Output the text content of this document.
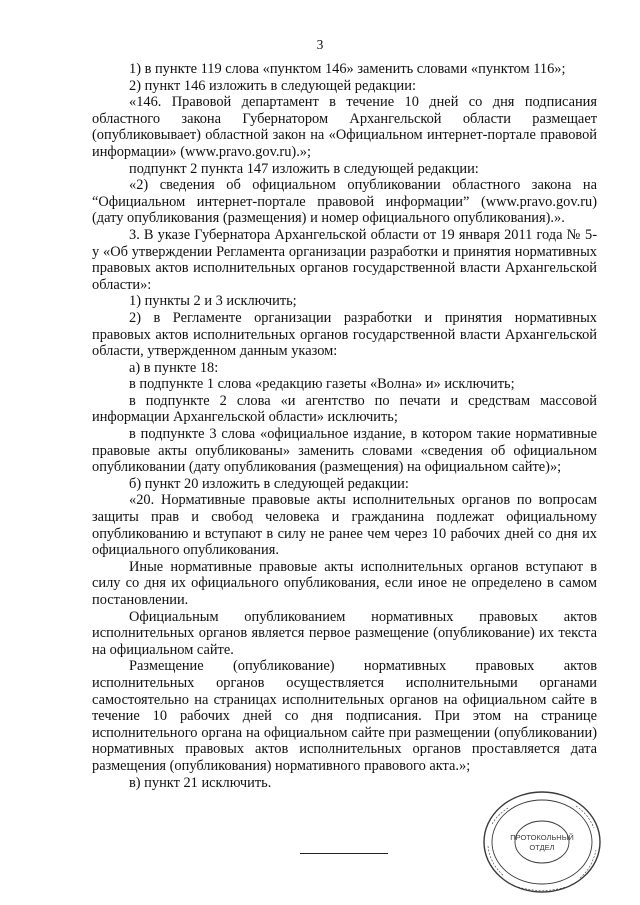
3

1) в пункте 119 слова «пунктом 146» заменить словами «пунктом 116»;

2) пункт 146 изложить в следующей редакции:

«146. Правовой департамент в течение 10 дней со дня подписания областного закона Губернатором Архангельской области размещает (опубликовывает) областной закон на «Официальном интернет-портале правовой информации» (www.pravo.gov.ru).»;

подпункт 2 пункта 147 изложить в следующей редакции:

«2) сведения об официальном опубликовании областного закона на “Официальном интернет-портале правовой информации” (www.pravo.gov.ru) (дату опубликования (размещения) и номер официального опубликования).».

3. В указе Губернатора Архангельской области от 19 января 2011 года № 5-у «Об утверждении Регламента организации разработки и принятия нормативных правовых актов исполнительных органов государственной власти Архангельской области»:

1) пункты 2 и 3 исключить;

2) в Регламенте организации разработки и принятия нормативных правовых актов исполнительных органов государственной власти Архангельской области, утвержденном данным указом:

а) в пункте 18:

в подпункте 1 слова «редакцию газеты «Волна» и» исключить;

в подпункте 2 слова «и агентство по печати и средствам массовой информации Архангельской области» исключить;

в подпункте 3 слова «официальное издание, в котором такие нормативные правовые акты опубликованы» заменить словами «сведения об официальном опубликовании (дату опубликования (размещения) на официальном сайте)»;

б) пункт 20 изложить в следующей редакции:

«20. Нормативные правовые акты исполнительных органов по вопросам защиты прав и свобод человека и гражданина подлежат официальному опубликованию и вступают в силу не ранее чем через 10 рабочих дней со дня их официального опубликования.

Иные нормативные правовые акты исполнительных органов вступают в силу со дня их официального опубликования, если иное не определено в самом постановлении.

Официальным опубликованием нормативных правовых актов исполнительных органов является первое размещение (опубликование) их текста на официальном сайте.

Размещение (опубликование) нормативных правовых актов исполнительных органов осуществляется исполнительными органами самостоятельно на страницах исполнительных органов на официальном сайте в течение 10 рабочих дней со дня подписания. При этом на странице исполнительного органа на официальном сайте при размещении (опубликовании) нормативных правовых актов исполнительных органов проставляется дата размещения (опубликования) нормативного правового акта.»;

в) пункт 21 исключить.

ПРОТОКОЛЬНЫЙ
ОТДЕЛ
